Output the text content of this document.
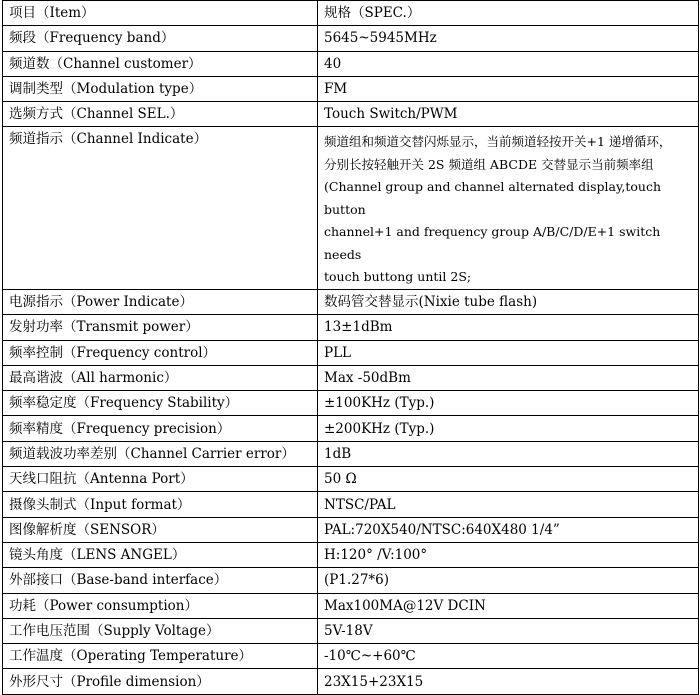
项目（Item）	规格（SPEC.）
频段（Frequency band）	5645~5945MHz
频道数（Channel customer）	40
调制类型（Modulation type）	FM
选频方式（Channel SEL.）	Touch Switch/PWM
频道指示（Channel Indicate）	频道组和频道交替闪烁显示，当前频道轻按开关+1 递增循环，
分别长按轻触开关 2S 频道组 ABCDE 交替显示当前频率组
(Channel group and channel alternated display,touch button
channel+1 and frequency group A/B/C/D/E+1 switch needs
touch buttong until 2S;

电源指示（Power Indicate）	数码管交替显示(Nixie tube flash)
发射功率（Transmit power）	13±1dBm
频率控制（Frequency control）	PLL
最高谐波（All harmonic）	Max -50dBm
频率稳定度（Frequency Stability）	±100KHz (Typ.)
频率精度（Frequency precision）	±200KHz (Typ.)
频道载波功率差别（Channel Carrier error）	1dB
天线口阻抗（Antenna Port）	50 Ω
摄像头制式（Input format）	NTSC/PAL
图像解析度（SENSOR）	PAL:720X540/NTSC:640X480 1/4”
镜头角度（LENS ANGEL）	H:120° /V:100°
外部接口（Base-band interface）	(P1.27*6)
功耗（Power consumption）	Max100MA@12V DCIN
工作电压范围（Supply Voltage）	5V-18V
工作温度（Operating Temperature）	-10℃~+60℃
外形尺寸（Profile dimension）	23X15+23X15
